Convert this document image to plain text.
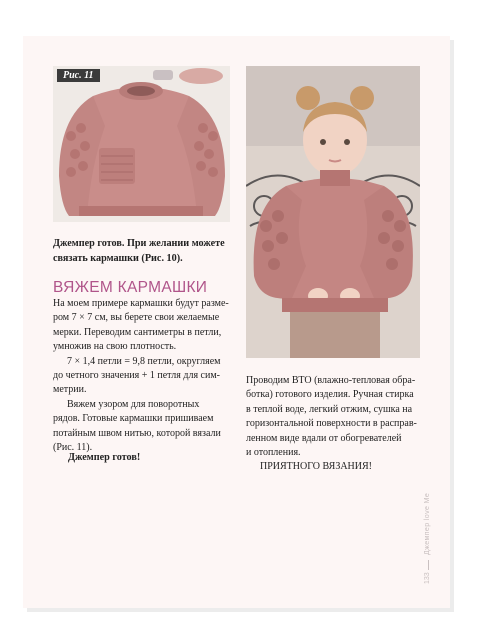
Рис. 11
Джемпер готов. При желании можете
связать кармашки (Рис. 10).
ВЯЖЕМ КАРМАШКИ
На моем примере кармашки будут разме-
ром 7 × 7 см, вы берете свои желаемые
мерки. Переводим сантиметры в петли,
умножив на свою плотность.
7 × 1,4 петли = 9,8 петли, округляем
до четного значения + 1 петля для сим-
метрии.
Вяжем узором для поворотных
рядов. Готовые кармашки пришиваем
потайным швом нитью, которой вязали
(Рис. 11).
Джемпер готов!
Проводим ВТО (влажно-тепловая обра-
ботка) готового изделия. Ручная стирка
в теплой воде, легкий отжим, сушка на
горизонтальной поверхности в расправ-
ленном виде вдали от обогревателей
и отопления.
ПРИЯТНОГО ВЯЗАНИЯ!
Джемпер love Me
133
